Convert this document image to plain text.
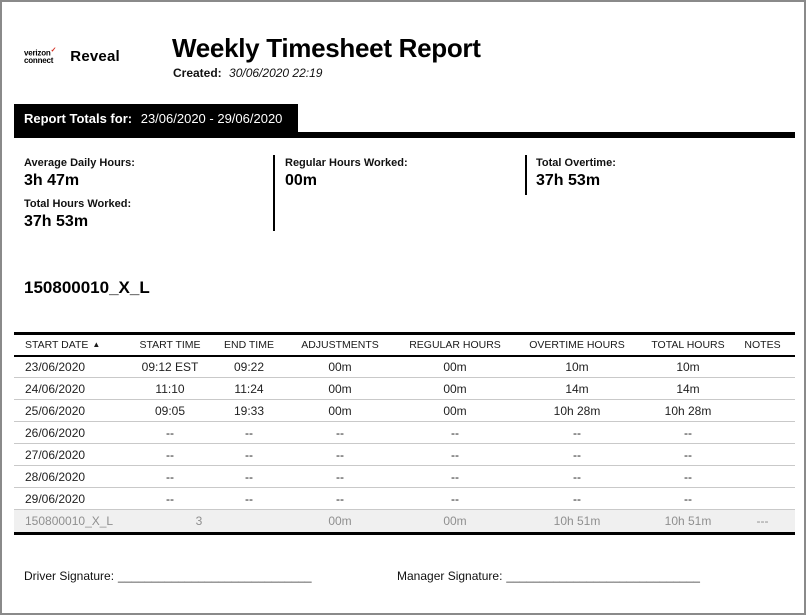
verizon✓
connect Reveal Weekly Timesheet Report
Created: 30/06/2020 22:19
Report Totals for: 23/06/2020 - 29/06/2020
Average Daily Hours:
3h 47m
Total Hours Worked:
37h 53m
Regular Hours Worked:
00m
Total Overtime:
37h 53m
150800010_X_L
START DATE ▲	START TIME	END TIME	ADJUSTMENTS	REGULAR HOURS	OVERTIME HOURS	TOTAL HOURS	NOTES
23/06/2020	09:12 EST	09:22	00m	00m	10m	10m	
24/06/2020	11:10	11:24	00m	00m	14m	14m	
25/06/2020	09:05	19:33	00m	00m	10h 28m	10h 28m	
26/06/2020	--	--	--	--	--	--	
27/06/2020	--	--	--	--	--	--	
28/06/2020	--	--	--	--	--	--	
29/06/2020	--	--	--	--	--	--	
150800010_X_L	3		00m	00m	10h 51m	10h 51m	---
Driver Signature: _____________________________	Manager Signature: _____________________________
